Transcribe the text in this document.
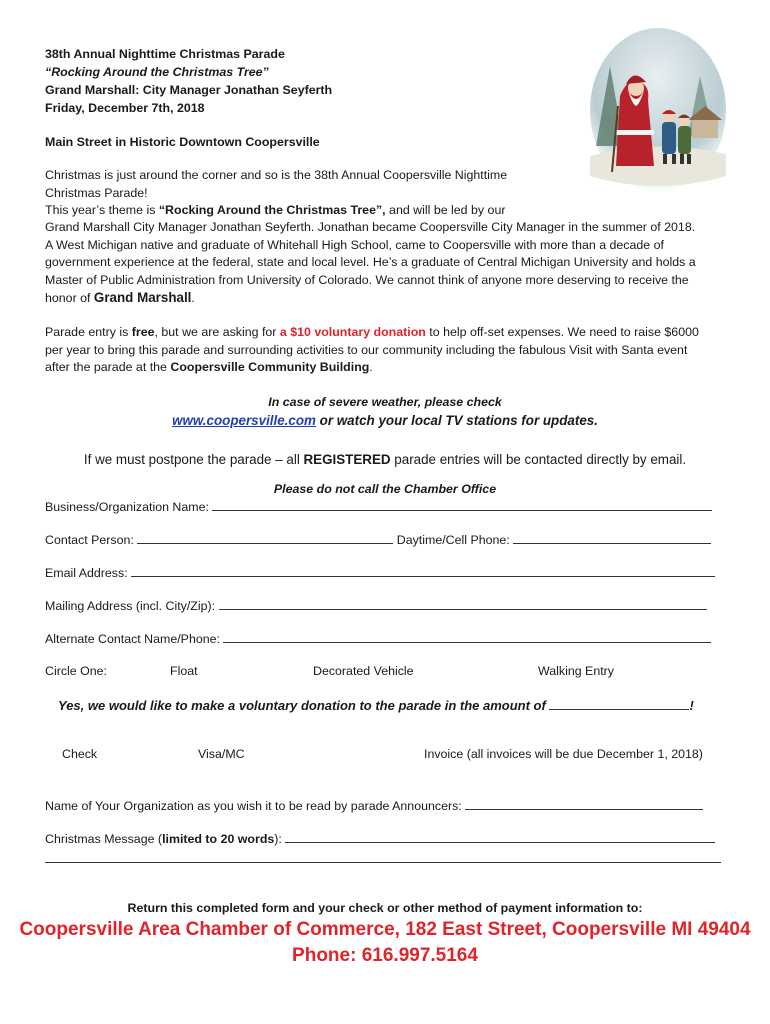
38th Annual Nighttime Christmas Parade
“Rocking Around the Christmas Tree”
Grand Marshall: City Manager Jonathan Seyferth
Friday, December 7th, 2018
Main Street in Historic Downtown Coopersville
Christmas is just around the corner and so is the 38th Annual Coopersville Nighttime
Christmas Parade!
This year’s theme is “Rocking Around the Christmas Tree”, and will be led by our
Grand Marshall City Manager Jonathan Seyferth. Jonathan became Coopersville City Manager in the summer of 2018.
A West Michigan native and graduate of Whitehall High School, came to Coopersville with more than a decade of
government experience at the federal, state and local level. He’s a graduate of Central Michigan University and holds a
Master of Public Administration from University of Colorado. We cannot think of anyone more deserving to receive the
honor of Grand Marshall.
Parade entry is free, but we are asking for a $10 voluntary donation to help off-set expenses. We need to raise $6000
per year to bring this parade and surrounding activities to our community including the fabulous Visit with Santa event
after the parade at the Coopersville Community Building.
In case of severe weather, please check
www.coopersville.com or watch your local TV stations for updates.
If we must postpone the parade – all REGISTERED parade entries will be contacted directly by email.
Please do not call the Chamber Office
Business/Organization Name:
Contact Person:	Daytime/Cell Phone:
Email Address:
Mailing Address (incl. City/Zip):
Alternate Contact Name/Phone:
Circle One:	Float	Decorated Vehicle	Walking Entry
Yes, we would like to make a voluntary donation to the parade in the amount of	!
Check	Visa/MC	Invoice (all invoices will be due December 1, 2018)
Name of Your Organization as you wish it to be read by parade Announcers:
Christmas Message (limited to 20 words):
Return this completed form and your check or other method of payment information to:
Coopersville Area Chamber of Commerce, 182 East Street, Coopersville MI 49404
Phone: 616.997.5164
